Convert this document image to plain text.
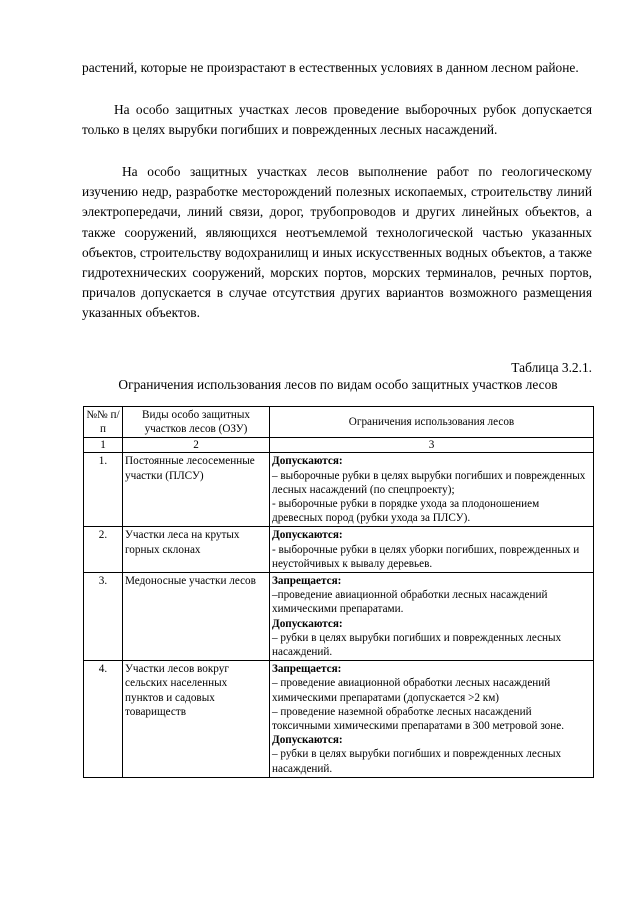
растений, которые не произрастают в естественных условиях в данном лесном районе.

На особо защитных участках лесов проведение выборочных рубок допускается только в целях вырубки погибших и поврежденных лесных насаждений.

На особо защитных участках лесов выполнение работ по геологическому изучению недр, разработке месторождений полезных ископаемых, строительству линий электропередачи, линий связи, дорог, трубопроводов и других линейных объектов, а также сооружений, являющихся неотъемлемой технологической частью указанных объектов, строительству водохранилищ и иных искусственных водных объектов, а также гидротехнических сооружений, морских портов, морских терминалов, речных портов, причалов допускается в случае отсутствия других вариантов возможного размещения указанных объектов.

Таблица 3.2.1.

Ограничения использования лесов по видам особо защитных участков лесов

№№ п/п	Виды особо защитных участков лесов (ОЗУ)	Ограничения использования лесов
1	2	3
1.	Постоянные лесосеменные участки (ПЛСУ)	Допускаются:
– выборочные рубки в целях вырубки погибших и поврежденных лесных насаждений (по спецпроекту);
- выборочные рубки в порядке ухода за плодоношением древесных пород (рубки ухода за ПЛСУ).

2.	Участки леса на крутых горных склонах	Допускаются:
- выборочные рубки в целях уборки погибших, поврежденных и неустойчивых к вывалу деревьев.

3.	Медоносные участки лесов	Запрещается:
–проведение авиационной обработки лесных насаждений химическими препаратами.
Допускаются:
– рубки в целях вырубки погибших и поврежденных лесных насаждений.

4.	Участки лесов вокруг сельских населенных пунктов и садовых товариществ	Запрещается:
– проведение авиационной обработки лесных насаждений химическими препаратами (допускается >2 км)
– проведение наземной обработке лесных насаждений токсичными химическими препаратами в 300 метровой зоне.
Допускаются:
– рубки в целях вырубки погибших и поврежденных лесных насаждений.
